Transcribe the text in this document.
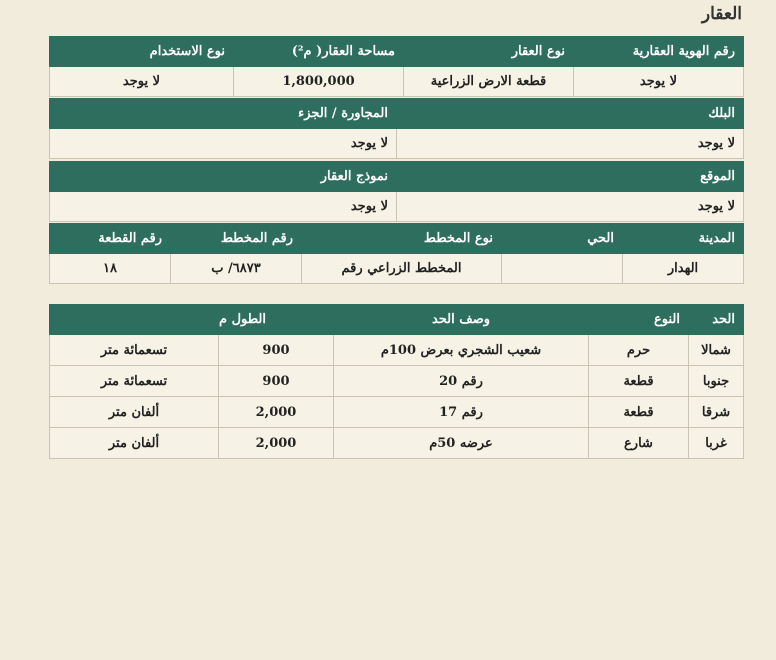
العقار
رقم الهوية العقارية	نوع العقار	مساحة العقار( م²)	نوع الاستخدام
لا يوجد	قطعة الارض الزراعية	1,800,000	لا يوجد
البلك	المجاورة / الجزء
لا يوجد	لا يوجد
الموقع	نموذج العقار
لا يوجد	لا يوجد
المدينة	الحي	نوع المخطط	رقم المخطط	رقم القطعة
الهدار		المخطط الزراعي رقم	٦٨٧٣/ ب	١٨
الحد	النوع	وصف الحد	الطول م	
شمالا	حرم	شعيب الشجري بعرض 100م	900	تسعمائة متر
جنوبا	قطعة	رقم 20	900	تسعمائة متر
شرقا	قطعة	رقم 17	2,000	ألفان متر
غربا	شارع	عرضه 50م	2,000	ألفان متر
